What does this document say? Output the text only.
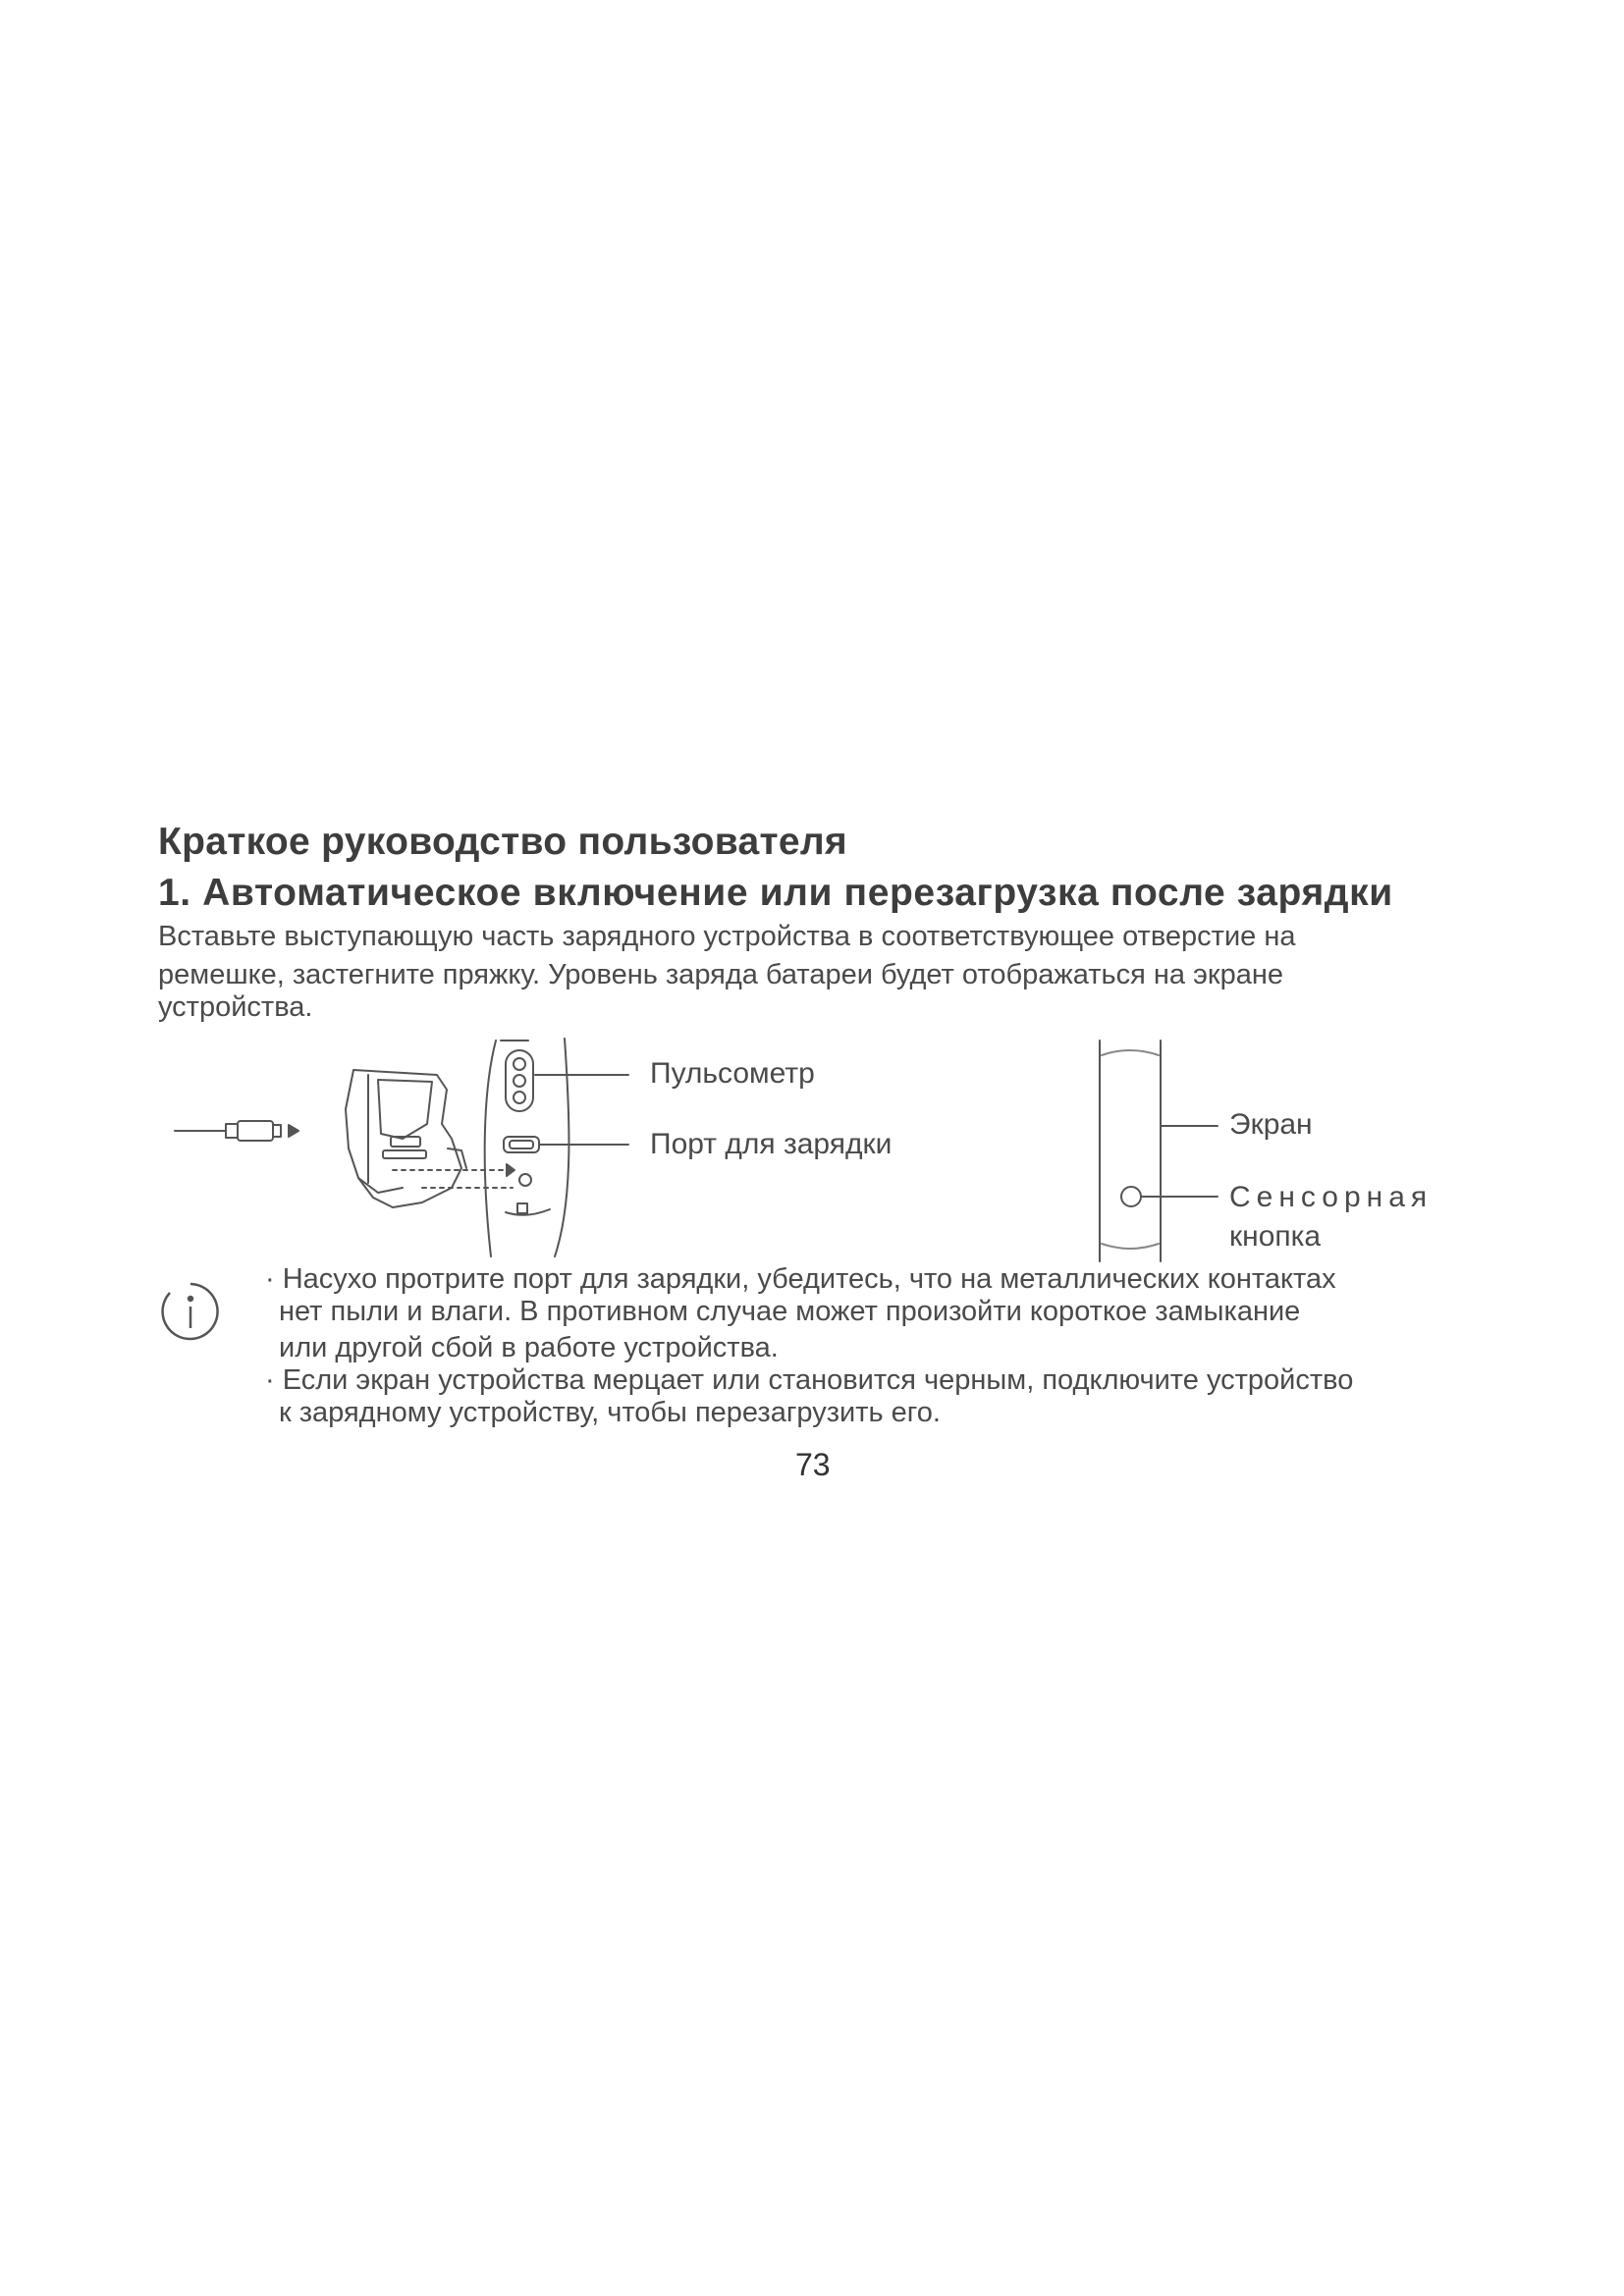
Краткое руководство пользователя
1. Автоматическое включение или перезагрузка после зарядки
Вставьте выступающую часть зарядного устройства в соответствующее отверстие на
ремешке, застегните пряжку. Уровень заряда батареи будет отображаться на экране
устройства.
Пульсометр
Порт для зарядки
Экран
Сенсорная
кнопка
· Насухо протрите порт для зарядки, убедитесь, что на металлических контактах
нет пыли и влаги. В противном случае может произойти короткое замыкание
или другой сбой в работе устройства.
· Если экран устройства мерцает или становится черным, подключите устройство
к зарядному устройству, чтобы перезагрузить его.
73
